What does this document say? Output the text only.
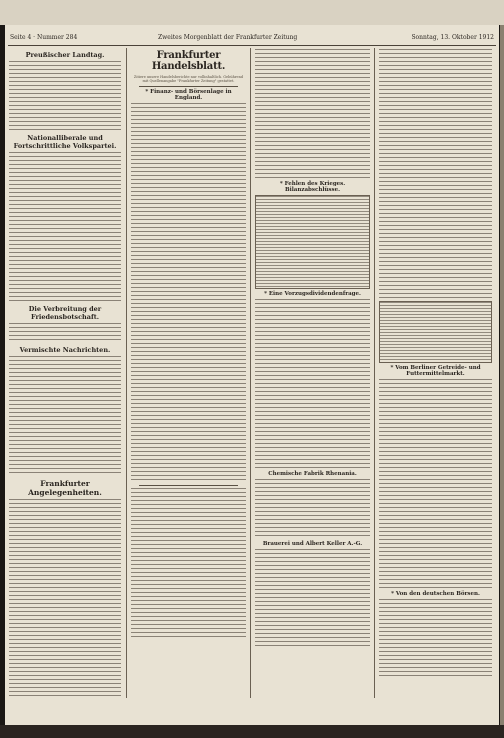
Seite 4 · Nummer 284	Zweites Morgenblatt der Frankfurter Zeitung	Sonntag, 13. Oktober 1912
Preußischer Landtag.
Nationalliberale und Fortschrittliche Volkspartei.
Die Verbreitung der Friedensbotschaft.
Vermischte Nachrichten.
Frankfurter Angelegenheiten.
Frankfurter Handelsblatt.
Zitiere unsere Handelsberichte nur vollinhaltlich. Gebührend mit Quellenangabe "Frankfurter Zeitung" gestattet.
* Finanz- und Börsenlage in England.
* Fehlen des Krieges. Bilanzabschlüsse.
* Eine Vorzugsdividendenfrage.
Chemische Fabrik Rhenania.
Brauerei und Albert Keller A.-G.
* Vom Berliner Getreide- und Futtermittelmarkt.
* Von den deutschen Börsen.
